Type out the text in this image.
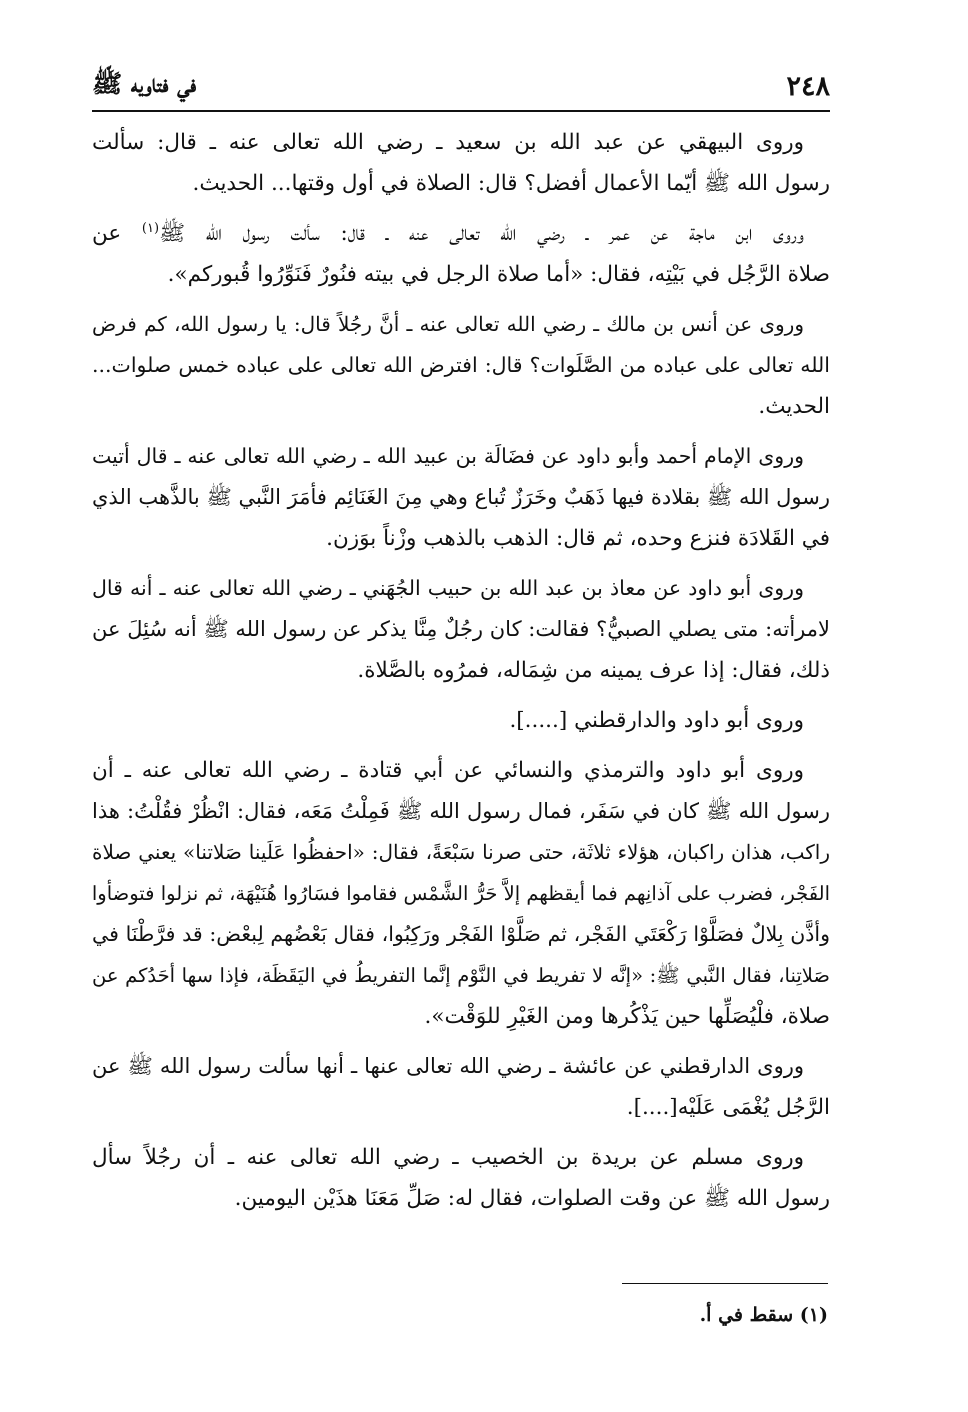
٢٤٨
في فتاويه ﷺ
وروى البيهقي عن عبد الله بن سعيد ـ رضي الله تعالى عنه ـ قال: سألت
رسول الله ﷺ أيّما الأعمال أفضل؟ قال: الصلاة في أول وقتها... الحديث.
وروى ابن ماجة عن عمر ـ رضي الله تعالى عنه ـ قال: سألت رسول الله ﷺ$^{(١)}$ عن
صلاة الرَّجُل في بَيْتِه، فقال: «أما صلاة الرجل في بيته فنُورٌ فَنَوِّرُوا قُبوركم».
وروى عن أنس بن مالك ـ رضي الله تعالى عنه ـ أنَّ رجُلاً قال: يا رسول الله، كم فرض
الله تعالى على عباده من الصَّلَوات؟ قال: افترض الله تعالى على عباده خمس صلوات...
الحديث.
وروى الإمام أحمد وأبو داود عن فضَالَة بن عبيد الله ـ رضي الله تعالى عنه ـ قال أتيت
رسول الله ﷺ بقلادة فيها ذَهَبٌ وخَرَزٌ تُباع وهي مِنَ الغَنَائِم فأمَرَ النَّبي ﷺ بالذَّهب الذي
في القَلادَة فنزع وحده، ثم قال: الذهب بالذهب وزْناً بوَزن.
وروى أبو داود عن معاذ بن عبد الله بن حبيب الجُهَني ـ رضي الله تعالى عنه ـ أنه قال
لامرأته: متى يصلي الصبيُّ؟ فقالت: كان رجُلٌ مِنَّا يذكر عن رسول الله ﷺ أنه سُئِلَ عن
ذلك، فقال: إذا عرف يمينه من شِمَاله، فمرُوه بالصَّلاة.
وروى أبو داود والدارقطني [.....].
وروى أبو داود والترمذي والنسائي عن أبي قتادة ـ رضي الله تعالى عنه ـ أن
رسول الله ﷺ كان في سَفَر، فمال رسول الله ﷺ فَمِلْتُ مَعَه، فقال: انْظُرْ فقُلْتُ: هذا
راكب، هذان راكبان، هؤلاء ثلاثَة، حتى صرنا سَبْعَةً، فقال: «احفظُوا عَلَينا صَلاتنا» يعني صلاة
الفَجْر، فضرب على آذانِهم فما أيقظهم إلاَّ حَرُّ الشَّمْس فقاموا فسَارُوا هُنَيْهَة، ثم نزلوا فتوضأوا
وأذَّن بِلالٌ فصَلَّوْا رَكْعَتَي الفَجْر، ثم صَلَّوْا الفَجْر ورَكِبُوا، فقال بَعْضُهم لِبعْض: قد فرَّطْنَا في
صَلاتِنا، فقال النَّبي ﷺ: «إنَّه لا تفريط في النَّوْم إنَّما التفريطُ في اليَقَظَة، فإذا سها أحَدُكم عن
صلاة، فلْيُصَلِّها حين يَذْكُرها ومن الغَيْرِ للوَقْت».
وروى الدارقطني عن عائشة ـ رضي الله تعالى عنها ـ أنها سألت رسول الله ﷺ عن
الرَّجُل يُغْمَى عَلَيْه[....].
وروى مسلم عن بريدة بن الخصيب ـ رضي الله تعالى عنه ـ أن رجُلاً سأل
رسول الله ﷺ عن وقت الصلوات، فقال له: صَلِّ مَعَنَا هذَيْن اليومين.
(١) سقط في أ.
